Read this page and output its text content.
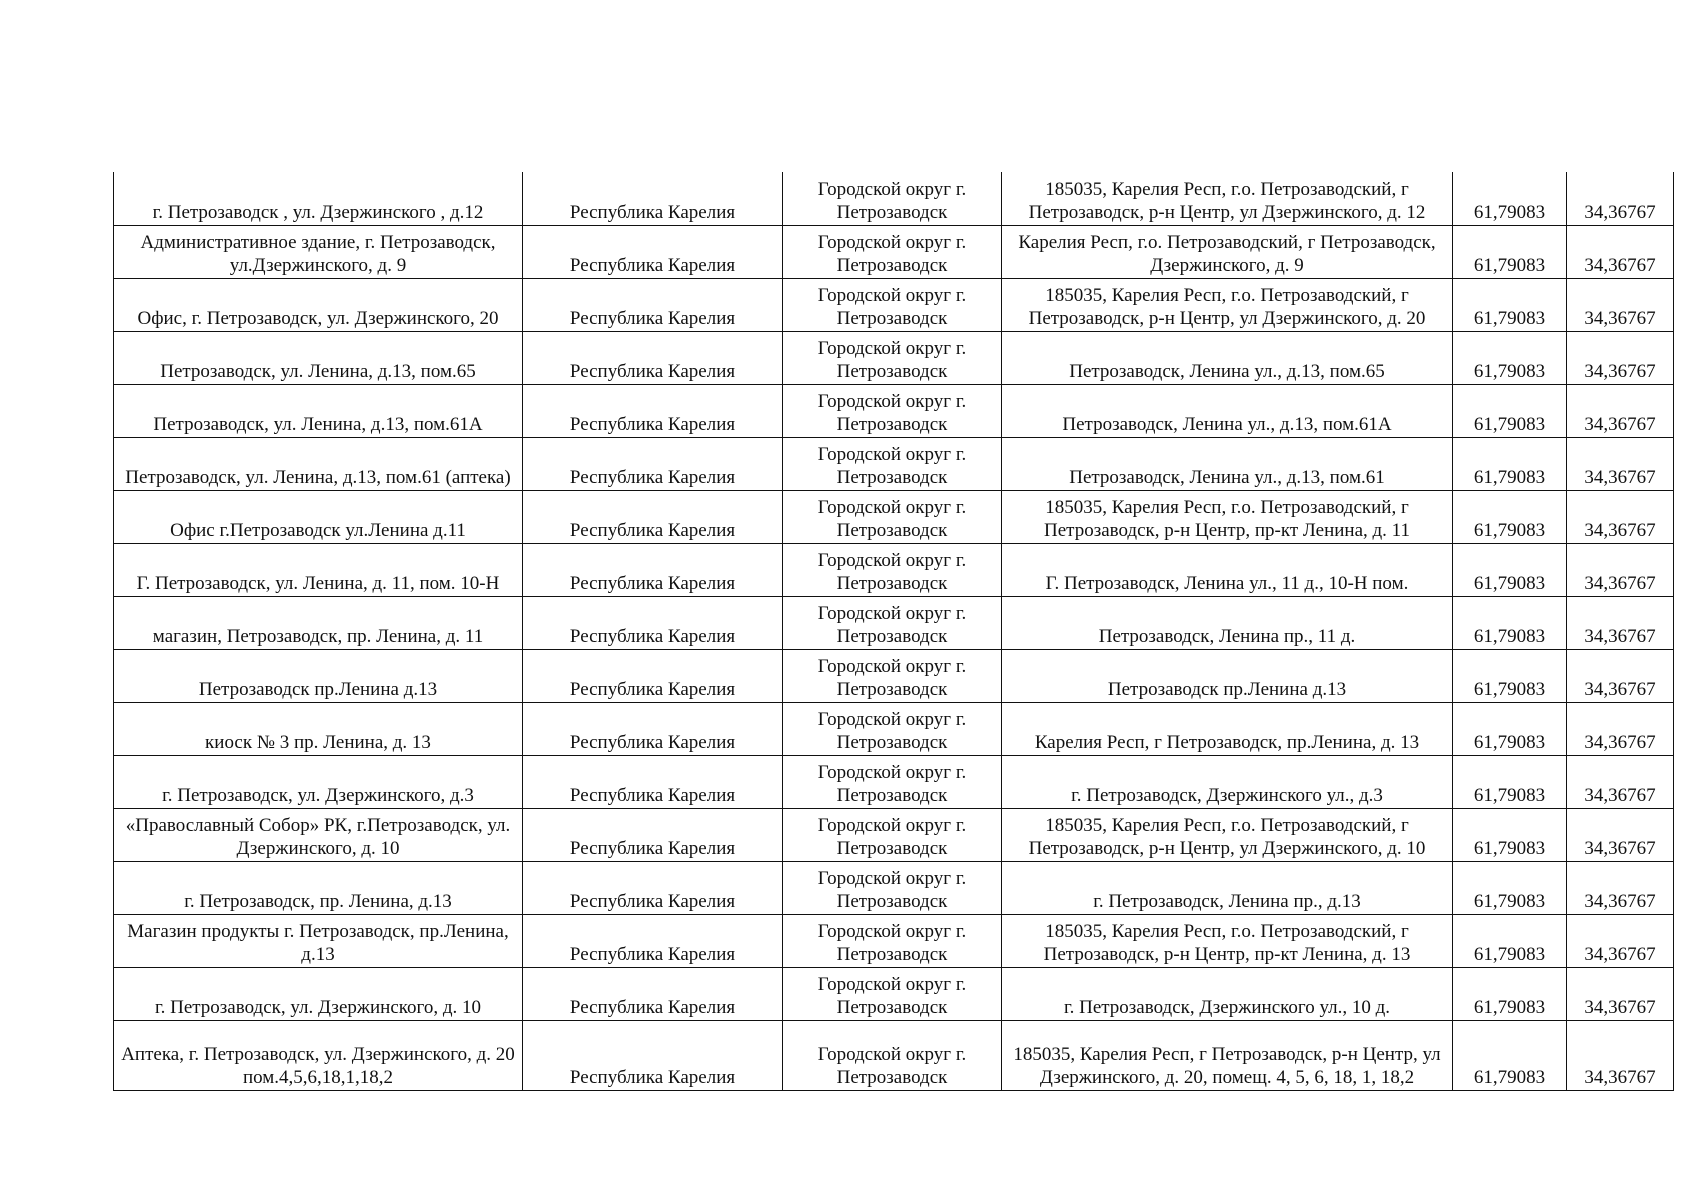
г. Петрозаводск , ул. Дзержинского , д.12	Республика Карелия	Городской округ г. Петрозаводск	185035, Карелия Респ, г.о. Петрозаводский, г Петрозаводск, р-н Центр, ул Дзержинского, д. 12	61,79083	34,36767
Административное здание, г. Петрозаводск, ул.Дзержинского, д. 9	Республика Карелия	Городской округ г. Петрозаводск	Карелия Респ, г.о. Петрозаводский, г Петрозаводск, Дзержинского, д. 9	61,79083	34,36767
Офис, г. Петрозаводск, ул. Дзержинского, 20	Республика Карелия	Городской округ г. Петрозаводск	185035, Карелия Респ, г.о. Петрозаводский, г Петрозаводск, р-н Центр, ул Дзержинского, д. 20	61,79083	34,36767
Петрозаводск, ул. Ленина, д.13, пом.65	Республика Карелия	Городской округ г. Петрозаводск	Петрозаводск, Ленина ул., д.13, пом.65	61,79083	34,36767
Петрозаводск, ул. Ленина, д.13, пом.61А	Республика Карелия	Городской округ г. Петрозаводск	Петрозаводск, Ленина ул., д.13, пом.61А	61,79083	34,36767
Петрозаводск, ул. Ленина, д.13, пом.61 (аптека)	Республика Карелия	Городской округ г. Петрозаводск	Петрозаводск, Ленина ул., д.13, пом.61	61,79083	34,36767
Офис г.Петрозаводск ул.Ленина д.11	Республика Карелия	Городской округ г. Петрозаводск	185035, Карелия Респ, г.о. Петрозаводский, г Петрозаводск, р-н Центр, пр-кт Ленина, д. 11	61,79083	34,36767
Г. Петрозаводск, ул. Ленина, д. 11, пом. 10-Н	Республика Карелия	Городской округ г. Петрозаводск	Г. Петрозаводск, Ленина ул., 11 д., 10-Н пом.	61,79083	34,36767
магазин, Петрозаводск, пр. Ленина, д. 11	Республика Карелия	Городской округ г. Петрозаводск	Петрозаводск, Ленина пр., 11 д.	61,79083	34,36767
Петрозаводск пр.Ленина д.13	Республика Карелия	Городской округ г. Петрозаводск	Петрозаводск пр.Ленина д.13	61,79083	34,36767
киоск № 3 пр. Ленина, д. 13	Республика Карелия	Городской округ г. Петрозаводск	Карелия Респ, г Петрозаводск, пр.Ленина, д. 13	61,79083	34,36767
г. Петрозаводск, ул. Дзержинского, д.3	Республика Карелия	Городской округ г. Петрозаводск	г. Петрозаводск, Дзержинского ул., д.3	61,79083	34,36767
«Православный Собор» РК, г.Петрозаводск, ул. Дзержинского, д. 10	Республика Карелия	Городской округ г. Петрозаводск	185035, Карелия Респ, г.о. Петрозаводский, г Петрозаводск, р-н Центр, ул Дзержинского, д. 10	61,79083	34,36767
г. Петрозаводск, пр. Ленина, д.13	Республика Карелия	Городской округ г. Петрозаводск	г. Петрозаводск, Ленина пр., д.13	61,79083	34,36767
Магазин продукты г. Петрозаводск, пр.Ленина, д.13	Республика Карелия	Городской округ г. Петрозаводск	185035, Карелия Респ, г.о. Петрозаводский, г Петрозаводск, р-н Центр, пр-кт Ленина, д. 13	61,79083	34,36767
г. Петрозаводск, ул. Дзержинского, д. 10	Республика Карелия	Городской округ г. Петрозаводск	г. Петрозаводск, Дзержинского ул., 10 д.	61,79083	34,36767
Аптека, г. Петрозаводск, ул. Дзержинского, д. 20 пом.4,5,6,18,1,18,2	Республика Карелия	Городской округ г. Петрозаводск	185035, Карелия Респ, г Петрозаводск, р-н Центр, ул Дзержинского, д. 20, помещ. 4, 5, 6, 18, 1, 18,2	61,79083	34,36767
